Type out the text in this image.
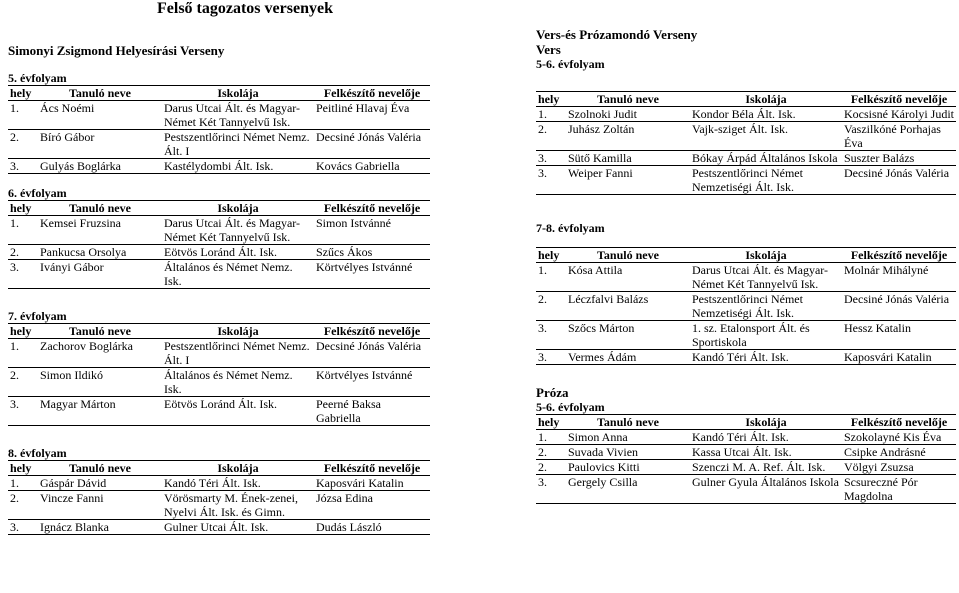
Felső tagozatos versenyek
Simonyi Zsigmond Helyesírási Verseny
5. évfolyam
hely	Tanuló neve	Iskolája	Felkészítő nevelője
1.	Ács Noémi	Darus Utcai Ált. és Magyar-Német Két Tannyelvű Isk.	Peitliné Hlavaj Éva
2.	Bíró Gábor	Pestszentlőrinci Német Nemz. Ált. I	Decsiné Jónás Valéria
3.	Gulyás Boglárka	Kastélydombi Ált. Isk.	Kovács Gabriella
6. évfolyam
hely	Tanuló neve	Iskolája	Felkészítő nevelője
1.	Kemsei Fruzsina	Darus Utcai Ált. és Magyar-Német Két Tannyelvű Isk.	Simon Istvánné
2.	Pankucsa Orsolya	Eötvös Loránd Ált. Isk.	Szűcs Ákos
3.	Iványi Gábor	Általános és Német Nemz. Isk.	Körtvélyes Istvánné
7. évfolyam
hely	Tanuló neve	Iskolája	Felkészítő nevelője
1.	Zachorov Boglárka	Pestszentlőrinci Német Nemz. Ált. I	Decsiné Jónás Valéria
2.	Simon Ildikó	Általános és Német Nemz. Isk.	Körtvélyes Istvánné
3.	Magyar Márton	Eötvös Loránd Ált. Isk.	Peerné Baksa Gabriella
8. évfolyam
hely	Tanuló neve	Iskolája	Felkészítő nevelője
1.	Gáspár Dávid	Kandó Téri Ált. Isk.	Kaposvári Katalin
2.	Vincze Fanni	Vörösmarty M. Ének-zenei, Nyelvi Ált. Isk. és Gimn.	Józsa Edina
3.	Ignácz Blanka	Gulner Utcai Ált. Isk.	Dudás László
Vers-és Prózamondó Verseny
Vers
5-6. évfolyam
hely	Tanuló neve	Iskolája	Felkészítő nevelője
1.	Szolnoki Judit	Kondor Béla Ált. Isk.	Kocsisné Károlyi Judit
2.	Juhász Zoltán	Vajk-sziget Ált. Isk.	Vaszilkóné Porhajas Éva
3.	Sütő Kamilla	Bókay Árpád Általános Iskola	Suszter Balázs
3.	Weiper Fanni	Pestszentlőrinci Német Nemzetiségi Ált. Isk.	Decsiné Jónás Valéria
7-8. évfolyam
hely	Tanuló neve	Iskolája	Felkészítő nevelője
1.	Kósa Attila	Darus Utcai Ált. és Magyar-Német Két Tannyelvű Isk.	Molnár Mihályné
2.	Léczfalvi Balázs	Pestszentlőrinci Német Nemzetiségi Ált. Isk.	Decsiné Jónás Valéria
3.	Szőcs Márton	1. sz. Etalonsport Ált. és Sportiskola	Hessz Katalin
3.	Vermes Ádám	Kandó Téri Ált. Isk.	Kaposvári Katalin
Próza
5-6. évfolyam
hely	Tanuló neve	Iskolája	Felkészítő nevelője
1.	Simon Anna	Kandó Téri Ált. Isk.	Szokolayné Kis Éva
2.	Suvada Vivien	Kassa Utcai Ált. Isk.	Csipke Andrásné
2.	Paulovics Kitti	Szenczi M. A. Ref. Ált. Isk.	Völgyi Zsuzsa
3.	Gergely Csilla	Gulner Gyula Általános Iskola	Scsureczné Pór Magdolna
